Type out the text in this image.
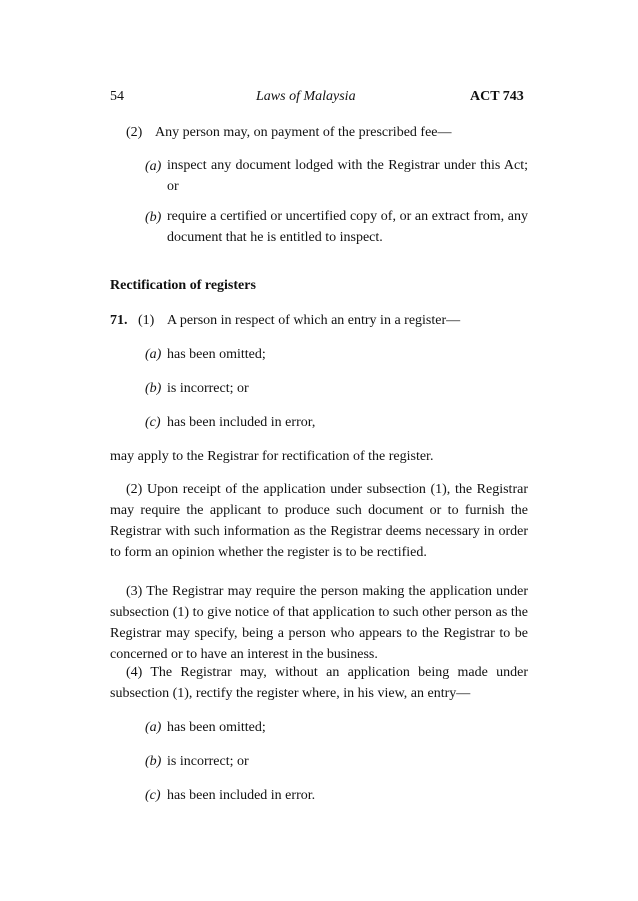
54	Laws of Malaysia	ACT 743
(2) Any person may, on payment of the prescribed fee—
(a) inspect any document lodged with the Registrar under this Act; or
(b) require a certified or uncertified copy of, or an extract from, any document that he is entitled to inspect.
Rectification of registers
71. (1) A person in respect of which an entry in a register—
(a) has been omitted;
(b) is incorrect; or
(c) has been included in error,
may apply to the Registrar for rectification of the register.
(2) Upon receipt of the application under subsection (1), the Registrar may require the applicant to produce such document or to furnish the Registrar with such information as the Registrar deems necessary in order to form an opinion whether the register is to be rectified.
(3) The Registrar may require the person making the application under subsection (1) to give notice of that application to such other person as the Registrar may specify, being a person who appears to the Registrar to be concerned or to have an interest in the business.
(4) The Registrar may, without an application being made under subsection (1), rectify the register where, in his view, an entry—
(a) has been omitted;
(b) is incorrect; or
(c) has been included in error.
